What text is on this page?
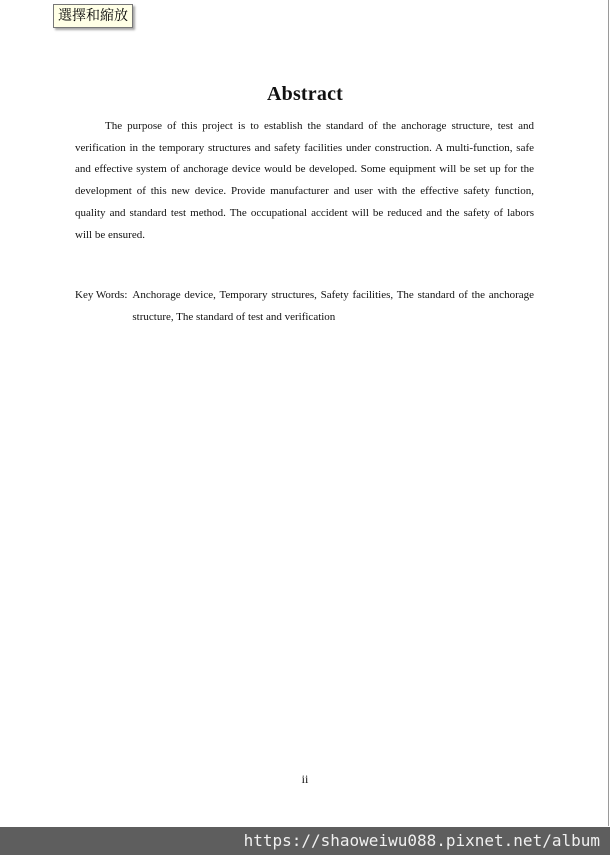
Abstract

The purpose of this project is to establish the standard of the anchorage structure, test and verification in the temporary structures and safety facilities under construction. A multi-function, safe and effective system of anchorage device would be developed. Some equipment will be set up for the development of this new device. Provide manufacturer and user with the effective safety function, quality and standard test method. The occupational accident will be reduced and the safety of labors will be ensured.

Key Words: Anchorage device, Temporary structures, Safety facilities, The standard of the anchorage structure, The standard of test and verification
ii
選擇和縮放
https://shaoweiwu088.pixnet.net/album
